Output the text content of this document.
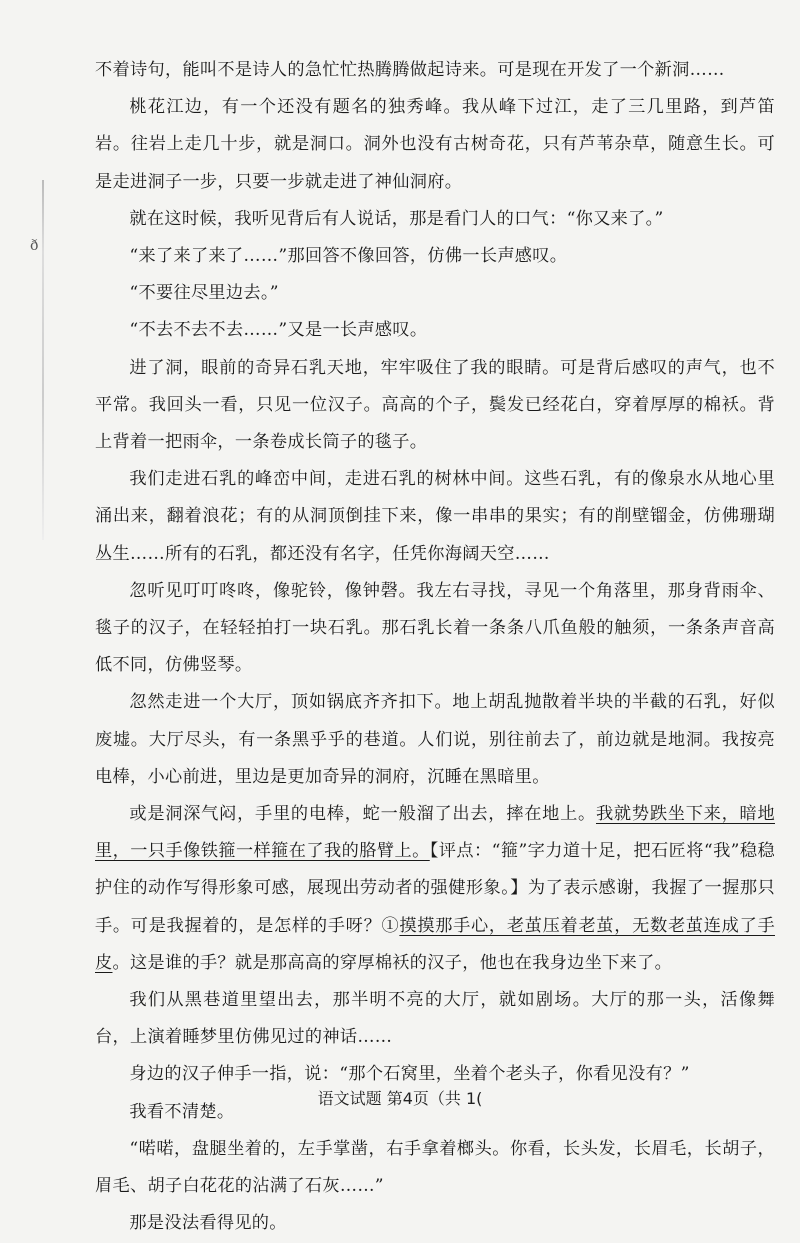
ð

不着诗句，能叫不是诗人的急忙忙热腾腾做起诗来。可是现在开发了一个新洞……

桃花江边，有一个还没有题名的独秀峰。我从峰下过江，走了三几里路，到芦笛岩。往岩上走几十步，就是洞口。洞外也没有古树奇花，只有芦苇杂草，随意生长。可是走进洞子一步，只要一步就走进了神仙洞府。

就在这时候，我听见背后有人说话，那是看门人的口气：“你又来了。”

“来了来了来了……”那回答不像回答，仿佛一长声感叹。

“不要往尽里边去。”

“不去不去不去……”又是一长声感叹。

进了洞，眼前的奇异石乳天地，牢牢吸住了我的眼睛。可是背后感叹的声气，也不平常。我回头一看，只见一位汉子。高高的个子，鬓发已经花白，穿着厚厚的棉袄。背上背着一把雨伞，一条卷成长筒子的毯子。

我们走进石乳的峰峦中间，走进石乳的树林中间。这些石乳，有的像泉水从地心里涌出来，翻着浪花；有的从洞顶倒挂下来，像一串串的果实；有的削壁镏金，仿佛珊瑚丛生……所有的石乳，都还没有名字，任凭你海阔天空……

忽听见叮叮咚咚，像驼铃，像钟磬。我左右寻找，寻见一个角落里，那身背雨伞、毯子的汉子，在轻轻拍打一块石乳。那石乳长着一条条八爪鱼般的触须，一条条声音高低不同，仿佛竖琴。

忽然走进一个大厅，顶如锅底齐齐扣下。地上胡乱抛散着半块的半截的石乳，好似废墟。大厅尽头，有一条黑乎乎的巷道。人们说，别往前去了，前边就是地洞。我按亮电棒，小心前进，里边是更加奇异的洞府，沉睡在黑暗里。

或是洞深气闷，手里的电棒，蛇一般溜了出去，摔在地上。我就势跌坐下来，暗地里，一只手像铁箍一样箍在了我的胳臂上。【评点：“箍”字力道十足，把石匠将“我”稳稳护住的动作写得形象可感，展现出劳动者的强健形象。】为了表示感谢，我握了一握那只手。可是我握着的，是怎样的手呀？①摸摸那手心，老茧压着老茧，无数老茧连成了手皮。这是谁的手？就是那高高的穿厚棉袄的汉子，他也在我身边坐下来了。

我们从黑巷道里望出去，那半明不亮的大厅，就如剧场。大厅的那一头，活像舞台，上演着睡梦里仿佛见过的神话……

身边的汉子伸手一指，说：“那个石窝里，坐着个老头子，你看见没有？”

我看不清楚。

“喏喏，盘腿坐着的，左手掌凿，右手拿着榔头。你看，长头发，长眉毛，长胡子，眉毛、胡子白花花的沾满了石灰……”

那是没法看得见的。

语文试题 第4页（共 1(
